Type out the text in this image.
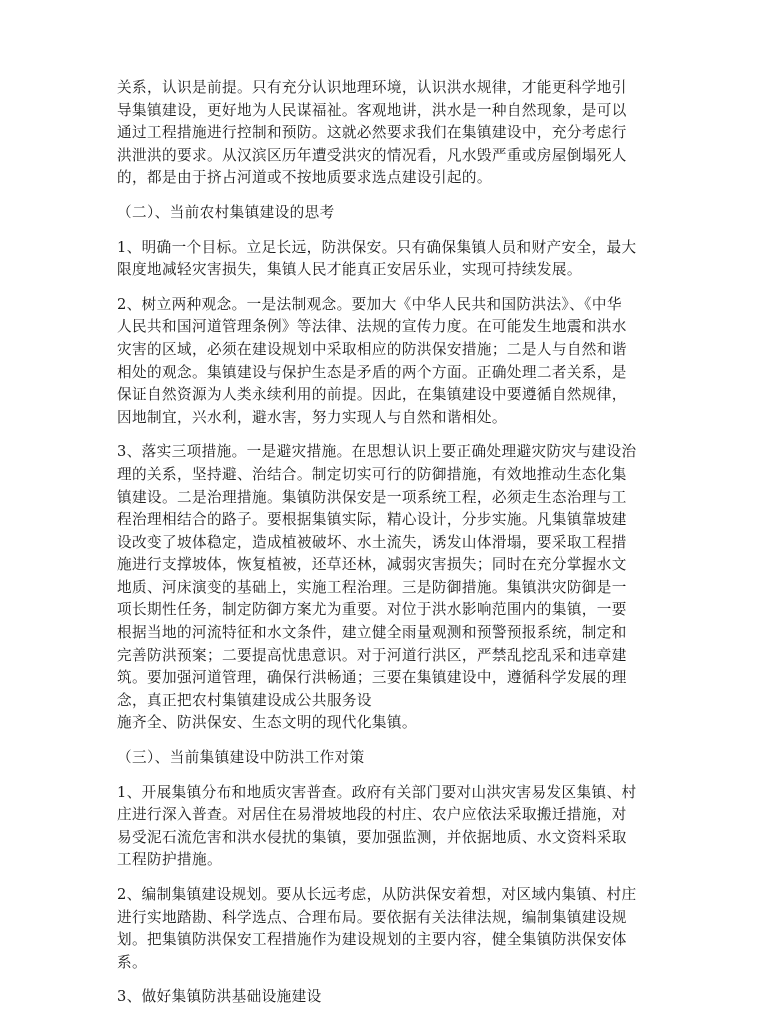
关系，认识是前提。只有充分认识地理环境，认识洪水规律，才能更科学地引
导集镇建设，更好地为人民谋福祉。客观地讲，洪水是一种自然现象，是可以
通过工程措施进行控制和预防。这就必然要求我们在集镇建设中，充分考虑行
洪泄洪的要求。从汉滨区历年遭受洪灾的情况看，凡水毁严重或房屋倒塌死人
的，都是由于挤占河道或不按地质要求选点建设引起的。
（二）、当前农村集镇建设的思考
1、明确一个目标。立足长远，防洪保安。只有确保集镇人员和财产安全，最大
限度地减轻灾害损失，集镇人民才能真正安居乐业，实现可持续发展。
2、树立两种观念。一是法制观念。要加大《中华人民共和国防洪法》、《中华
人民共和国河道管理条例》等法律、法规的宣传力度。在可能发生地震和洪水
灾害的区域，必须在建设规划中采取相应的防洪保安措施；二是人与自然和谐
相处的观念。集镇建设与保护生态是矛盾的两个方面。正确处理二者关系，是
保证自然资源为人类永续利用的前提。因此，在集镇建设中要遵循自然规律，
因地制宜，兴水利，避水害，努力实现人与自然和谐相处。
3、落实三项措施。一是避灾措施。在思想认识上要正确处理避灾防灾与建设治
理的关系，坚持避、治结合。制定切实可行的防御措施，有效地推动生态化集
镇建设。二是治理措施。集镇防洪保安是一项系统工程，必须走生态治理与工
程治理相结合的路子。要根据集镇实际，精心设计，分步实施。凡集镇靠坡建
设改变了坡体稳定，造成植被破坏、水土流失，诱发山体滑塌，要采取工程措
施进行支撑坡体，恢复植被，还草还林，减弱灾害损失；同时在充分掌握水文
地质、河床演变的基础上，实施工程治理。三是防御措施。集镇洪灾防御是一
项长期性任务，制定防御方案尤为重要。对位于洪水影响范围内的集镇，一要
根据当地的河流特征和水文条件，建立健全雨量观测和预警预报系统，制定和
完善防洪预案；二要提高忧患意识。对于河道行洪区，严禁乱挖乱采和违章建
筑。要加强河道管理，确保行洪畅通；三要在集镇建设中，遵循科学发展的理
念，真正把农村集镇建设成公共服务设
施齐全、防洪保安、生态文明的现代化集镇。
（三）、当前集镇建设中防洪工作对策
1、开展集镇分布和地质灾害普查。政府有关部门要对山洪灾害易发区集镇、村
庄进行深入普查。对居住在易滑坡地段的村庄、农户应依法采取搬迁措施，对
易受泥石流危害和洪水侵扰的集镇，要加强监测，并依据地质、水文资料采取
工程防护措施。
2、编制集镇建设规划。要从长远考虑，从防洪保安着想，对区域内集镇、村庄
进行实地踏勘、科学选点、合理布局。要依据有关法律法规，编制集镇建设规
划。把集镇防洪保安工程措施作为建设规划的主要内容，健全集镇防洪保安体
系。
3、做好集镇防洪基础设施建设
